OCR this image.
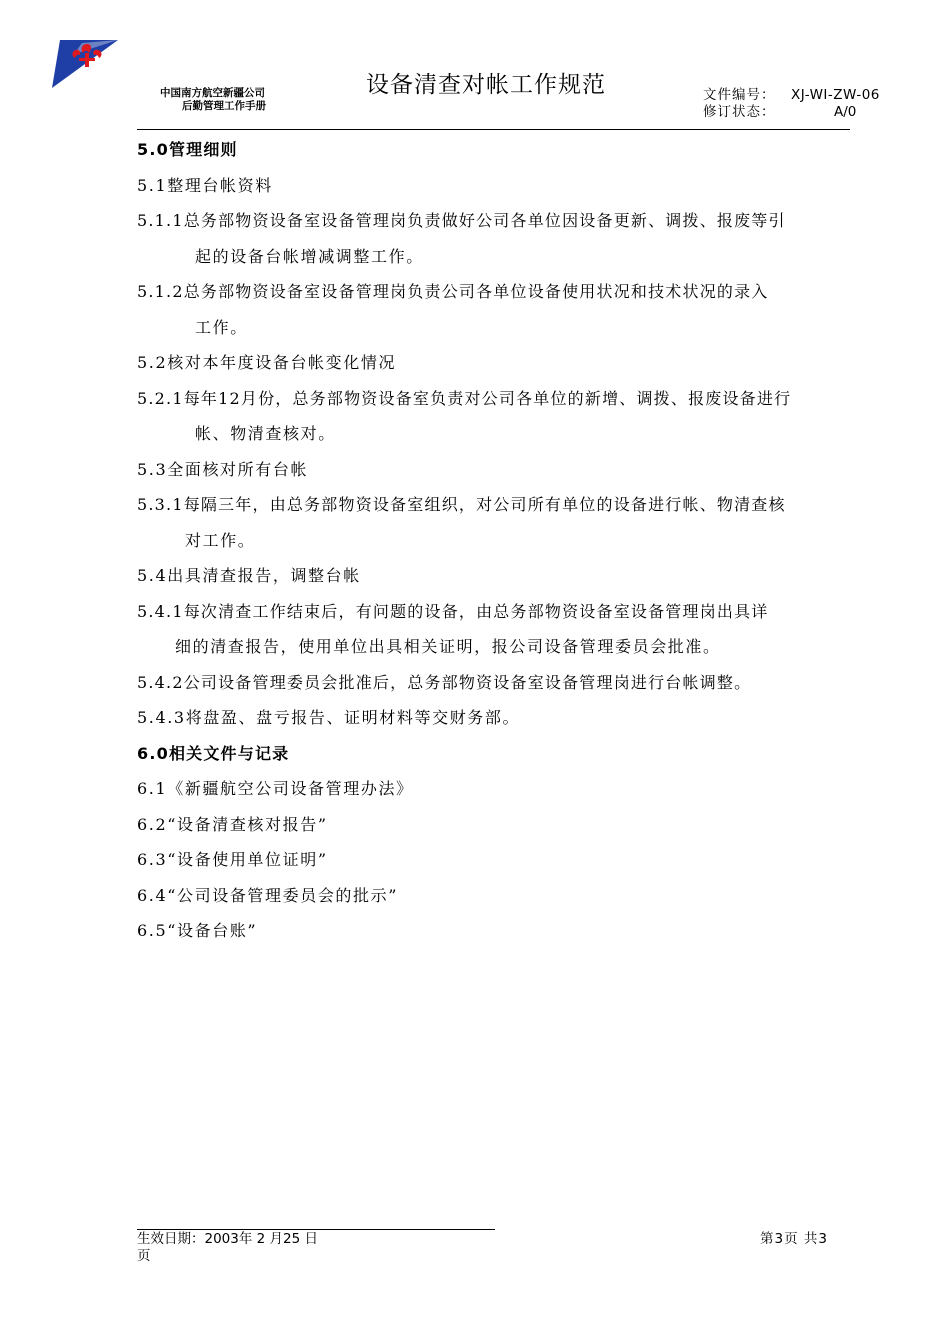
中国南方航空新疆公司
后勤管理工作手册
设备清查对帐工作规范	文件编号： XJ-WI-ZW-06
修订状态：	A/0
5.0管理细则
5.1整理台帐资料
5.1.1总务部物资设备室设备管理岗负责做好公司各单位因设备更新、调拨、报废等引
起的设备台帐增减调整工作。
5.1.2总务部物资设备室设备管理岗负责公司各单位设备使用状况和技术状况的录入
工作。
5.2核对本年度设备台帐变化情况
5.2.1每年12月份，总务部物资设备室负责对公司各单位的新增、调拨、报废设备进行
帐、物清查核对。
5.3全面核对所有台帐
5.3.1每隔三年，由总务部物资设备室组织，对公司所有单位的设备进行帐、物清查核
对工作。
5.4出具清查报告，调整台帐
5.4.1每次清查工作结束后，有问题的设备，由总务部物资设备室设备管理岗出具详
细的清查报告，使用单位出具相关证明，报公司设备管理委员会批准。
5.4.2公司设备管理委员会批准后，总务部物资设备室设备管理岗进行台帐调整。
5.4.3将盘盈、盘亏报告、证明材料等交财务部。
6.0相关文件与记录
6.1《新疆航空公司设备管理办法》
6.2“设备清查核对报告”
6.3“设备使用单位证明”
6.4“公司设备管理委员会的批示”
6.5“设备台账”
生效日期：2003年 2 月25 日
页
第3页 共3
